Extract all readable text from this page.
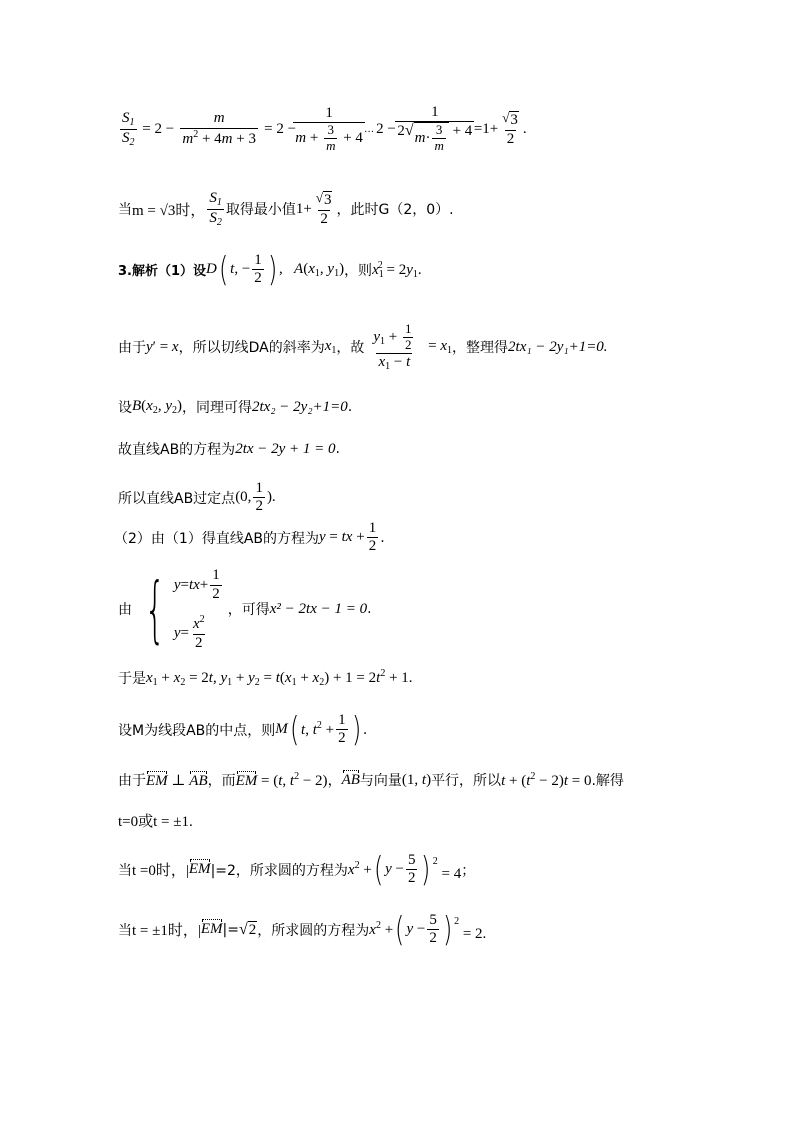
$\frac{S_1}{S_2} = 2 - \frac{m}{m^2 + 4m + 3} = 2 - \frac{1}{m + \frac{3}{m} + 4}$ … $2 - \frac{1}{2 √ m\cdot \frac{3}{m} + 4} =1+ \frac{√ 3}{2}$ .
当 m = √3时， $\frac{S_1}{S_2}$ 取得最小值 $1+ \frac{√ 3}{2}$ ，此时G（2，0）.
3.解析（1）设 D ( t , − $\frac{1}{2}$ ) ,   $A(x_1$, $y_1$) ，则 $x_1^2 = 2y_1$.
由于 y′ = x ，所以切线DA的斜率为 $x_1$ ，故 $\frac{y_1 + \frac{1}{2}}{x_1 - t} = x_1$ ，整理得 2tx₁ − 2y₁+1=0.
设 $B(x_2$, $y_2$) ，同理可得 2tx₂ − 2y₂+1=0 .
故直线AB的方程为 2tx − 2y + 1 = 0 .
所以直线AB过定点 (0, $\frac{1}{2}$ ).
（2）由（1）得直线AB的方程为 y = tx + $\frac{1}{2}$ .
由 { y = tx + $\frac{1}{2}$
$y = \frac{x^2}{2}$
，可得 x² − 2tx − 1 = 0 .
于是 $x_1 + x_2 = 2t$, $y_1 + y_2 = t(x_1 + x_2) + 1 = 2t^2 + 1$.
设M为线段AB的中点，则 M ( t, $t^2 + \frac{1}{2}$ ) .
由于 EM ⊥ AB ，而 EM = (t, $t^2 - 2$) ， AB 与向量 (1, t) 平行，所以 $t + (t^2 - 2)t = 0$ .解得
t=0或t = ±1.
当 t =0时，| EM |=2，所求圆的方程为 $x^2$ + ( $y - \frac{5}{2}$ ) $^2$ = 4 ；
当 t = ±1时，| EM |= √ 2 ，所求圆的方程为 $x^2$ + ( $y - \frac{5}{2}$ ) $^2$ = 2.
